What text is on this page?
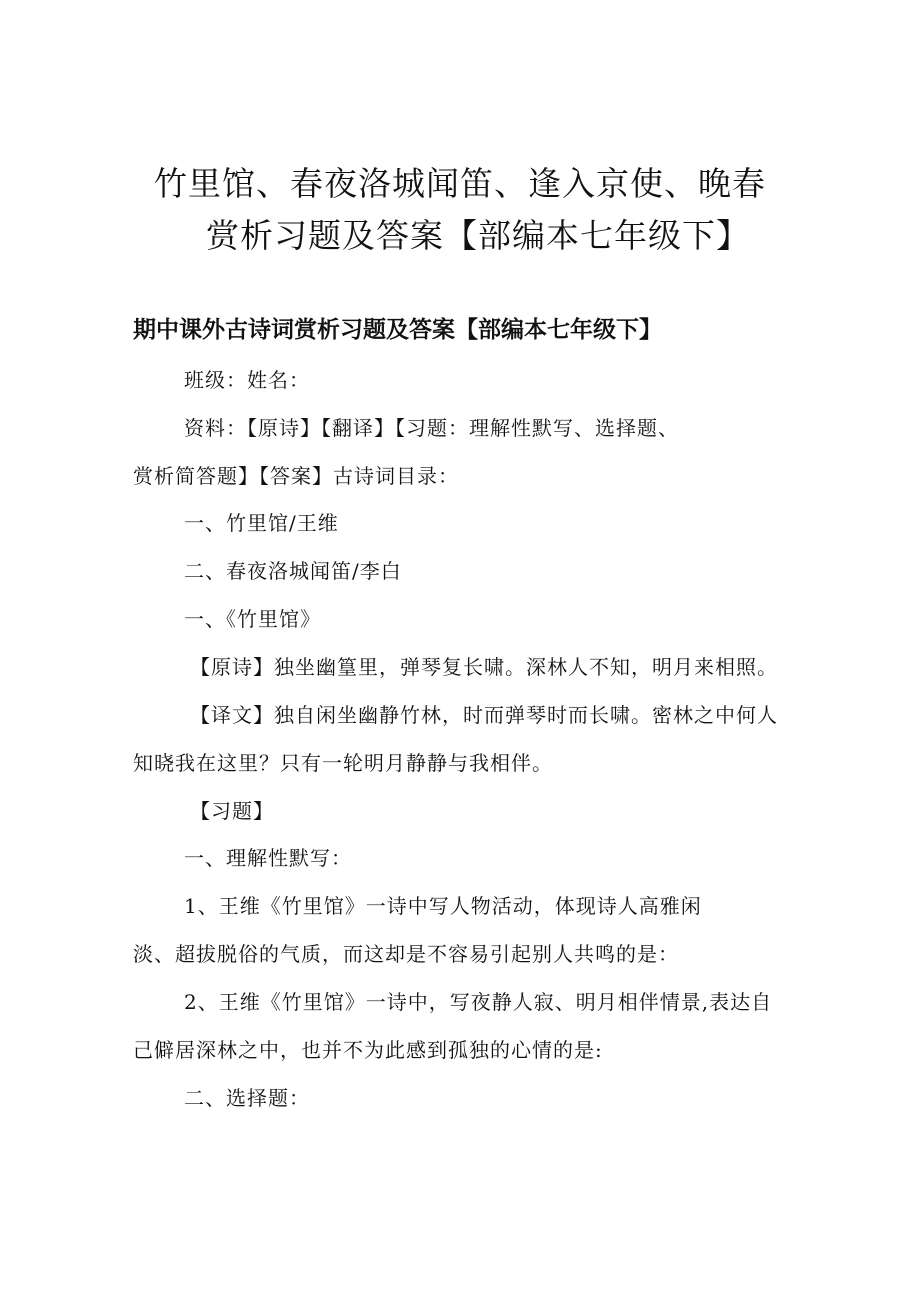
竹里馆、春夜洛城闻笛、逢入京使、晚春
赏析习题及答案【部编本七年级下】
期中课外古诗词赏析习题及答案【部编本七年级下】
班级：姓名：
资料：【原诗】【翻译】【习题：理解性默写、选择题、
赏析简答题】【答案】古诗词目录：
一、竹里馆/王维
二、春夜洛城闻笛/李白
一、《竹里馆》
【原诗】独坐幽篁里，弹琴复长啸。深林人不知，明月来相照。
【译文】独自闲坐幽静竹林，时而弹琴时而长啸。密林之中何人
知晓我在这里？只有一轮明月静静与我相伴。
【习题】
一、理解性默写：
1、王维《竹里馆》一诗中写人物活动，体现诗人高雅闲
淡、超拔脱俗的气质，而这却是不容易引起别人共鸣的是：
2、王维《竹里馆》一诗中，写夜静人寂、明月相伴情景,表达自
己僻居深林之中，也并不为此感到孤独的心情的是:
二、选择题：
